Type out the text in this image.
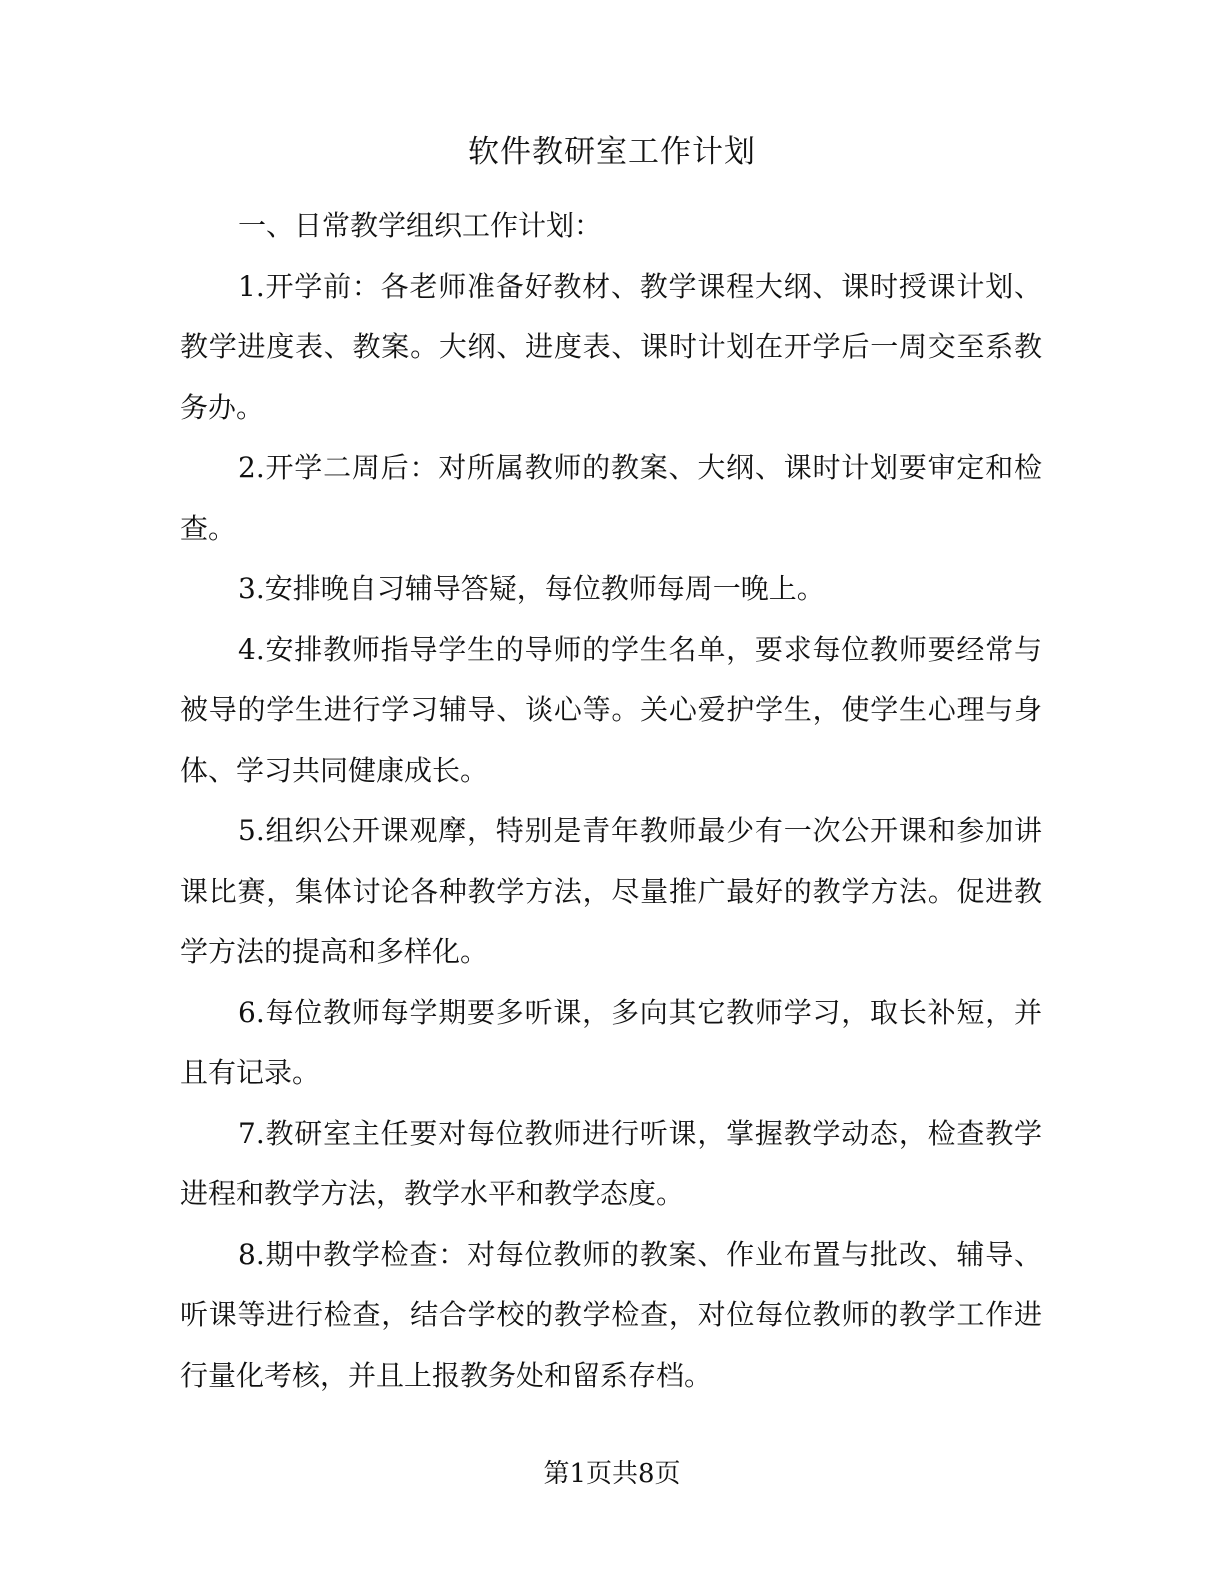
软件教研室工作计划

一、日常教学组织工作计划：

1.开学前：各老师准备好教材、教学课程大纲、课时授课计划、教学进度表、教案。大纲、进度表、课时计划在开学后一周交至系教务办。

2.开学二周后：对所属教师的教案、大纲、课时计划要审定和检查。

3.安排晚自习辅导答疑，每位教师每周一晚上。

4.安排教师指导学生的导师的学生名单，要求每位教师要经常与被导的学生进行学习辅导、谈心等。关心爱护学生，使学生心理与身体、学习共同健康成长。

5.组织公开课观摩，特别是青年教师最少有一次公开课和参加讲课比赛，集体讨论各种教学方法，尽量推广最好的教学方法。促进教学方法的提高和多样化。

6.每位教师每学期要多听课，多向其它教师学习，取长补短，并且有记录。

7.教研室主任要对每位教师进行听课，掌握教学动态，检查教学进程和教学方法，教学水平和教学态度。

8.期中教学检查：对每位教师的教案、作业布置与批改、辅导、听课等进行检查，结合学校的教学检查，对位每位教师的教学工作进行量化考核，并且上报教务处和留系存档。

第1页共8页
